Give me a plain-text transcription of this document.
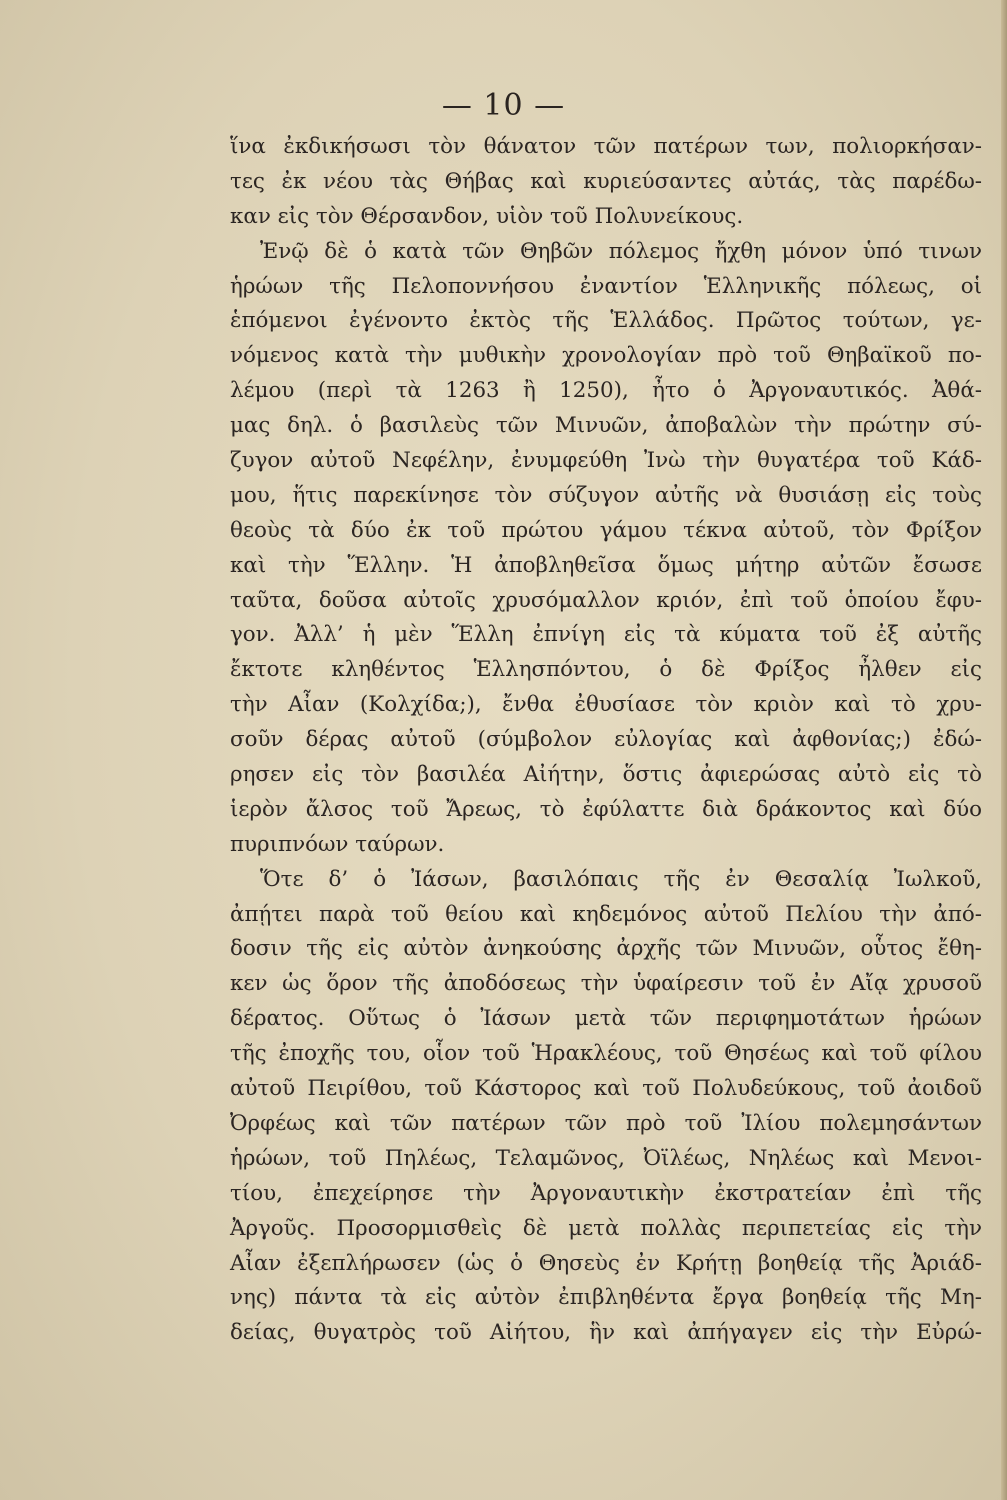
— 10 —
ἵνα ἐκδικήσωσι τὸν θάνατον τῶν πατέρων των, πολιορκήσαν-
τες ἐκ νέου τὰς Θήβας καὶ κυριεύσαντες αὐτάς, τὰς παρέδω-
καν εἰς τὸν Θέρσανδον, υἱὸν τοῦ Πολυνείκους.
Ἐνῷ δὲ ὁ κατὰ τῶν Θηβῶν πόλεμος ἤχθη μόνον ὑπό τινων
ἡρώων τῆς Πελοποννήσου ἐναντίον Ἑλληνικῆς πόλεως, οἱ
ἑπόμενοι ἐγένοντο ἐκτὸς τῆς Ἑλλάδος. Πρῶτος τούτων, γε-
νόμενος κατὰ τὴν μυθικὴν χρονολογίαν πρὸ τοῦ Θηβαϊκοῦ πο-
λέμου (περὶ τὰ 1263 ἢ 1250), ἦτο ὁ Ἀργοναυτικός. Ἀθά-
μας δηλ. ὁ βασιλεὺς τῶν Μινυῶν, ἀποβαλὼν τὴν πρώτην σύ-
ζυγον αὐτοῦ Νεφέλην, ἐνυμφεύθη Ἰνὼ τὴν θυγατέρα τοῦ Κάδ-
μου, ἥτις παρεκίνησε τὸν σύζυγον αὐτῆς νὰ θυσιάσῃ εἰς τοὺς
θεοὺς τὰ δύο ἐκ τοῦ πρώτου γάμου τέκνα αὐτοῦ, τὸν Φρίξον
καὶ τὴν Ἕλλην. Ἡ ἀποβληθεῖσα ὅμως μήτηρ αὐτῶν ἔσωσε
ταῦτα, δοῦσα αὐτοῖς χρυσόμαλλον κριόν, ἐπὶ τοῦ ὁποίου ἔφυ-
γον. Ἀλλ’ ἡ μὲν Ἕλλη ἐπνίγη εἰς τὰ κύματα τοῦ ἐξ αὐτῆς
ἔκτοτε κληθέντος Ἑλλησπόντου, ὁ δὲ Φρίξος ἦλθεν εἰς
τὴν Αἶαν (Κολχίδα;), ἔνθα ἐθυσίασε τὸν κριὸν καὶ τὸ χρυ-
σοῦν δέρας αὐτοῦ (σύμβολον εὐλογίας καὶ ἀφθονίας;) ἐδώ-
ρησεν εἰς τὸν βασιλέα Αἰήτην, ὅστις ἀφιερώσας αὐτὸ εἰς τὸ
ἱερὸν ἄλσος τοῦ Ἄρεως, τὸ ἐφύλαττε διὰ δράκοντος καὶ δύο
πυριπνόων ταύρων.
Ὅτε δ’ ὁ Ἰάσων, βασιλόπαις τῆς ἐν Θεσαλίᾳ Ἰωλκοῦ,
ἀπῄτει παρὰ τοῦ θείου καὶ κηδεμόνος αὐτοῦ Πελίου τὴν ἀπό-
δοσιν τῆς εἰς αὐτὸν ἀνηκούσης ἀρχῆς τῶν Μινυῶν, οὗτος ἔθη-
κεν ὡς ὅρον τῆς ἀποδόσεως τὴν ὑφαίρεσιν τοῦ ἐν Αἴᾳ χρυσοῦ
δέρατος. Οὕτως ὁ Ἰάσων μετὰ τῶν περιφημοτάτων ἡρώων
τῆς ἐποχῆς του, οἷον τοῦ Ἡρακλέους, τοῦ Θησέως καὶ τοῦ φίλου
αὐτοῦ Πειρίθου, τοῦ Κάστορος καὶ τοῦ Πολυδεύκους, τοῦ ἀοιδοῦ
Ὀρφέως καὶ τῶν πατέρων τῶν πρὸ τοῦ Ἰλίου πολεμησάντων
ἡρώων, τοῦ Πηλέως, Τελαμῶνος, Ὀϊλέως, Νηλέως καὶ Μενοι-
τίου, ἐπεχείρησε τὴν Ἀργοναυτικὴν ἐκστρατείαν ἐπὶ τῆς
Ἀργοῦς. Προσορμισθεὶς δὲ μετὰ πολλὰς περιπετείας εἰς τὴν
Αἶαν ἐξεπλήρωσεν (ὡς ὁ Θησεὺς ἐν Κρήτῃ βοηθείᾳ τῆς Ἀριάδ-
νης) πάντα τὰ εἰς αὐτὸν ἐπιβληθέντα ἔργα βοηθείᾳ τῆς Μη-
δείας, θυγατρὸς τοῦ Αἰήτου, ἣν καὶ ἀπήγαγεν εἰς τὴν Εὐρώ-
